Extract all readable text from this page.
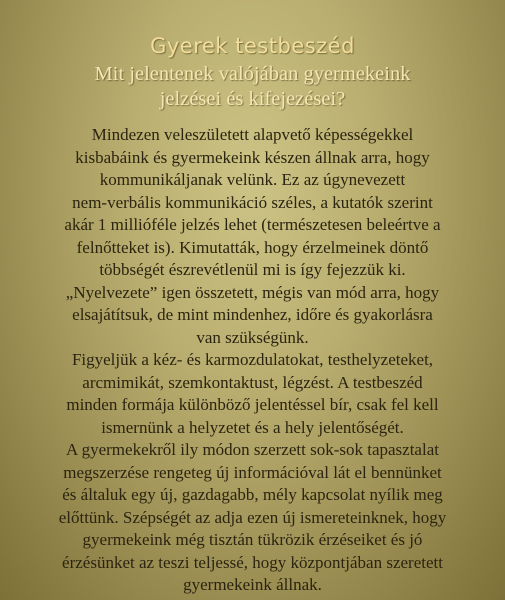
Gyerek testbeszéd
Mit jelentenek valójában gyermekeink
jelzései és kifejezései?

Mindezen veleszületett alapvető képességekkel
kisbabáink és gyermekeink készen állnak arra, hogy
kommunikáljanak velünk. Ez az úgynevezett
nem-verbális kommunikáció széles, a kutatók szerint
akár 1 millióféle jelzés lehet (természetesen beleértve a
felnőtteket is). Kimutatták, hogy érzelmeinek döntő
többségét észrevétlenül mi is így fejezzük ki.
„Nyelvezete” igen összetett, mégis van mód arra, hogy
elsajátítsuk, de mint mindenhez, időre és gyakorlásra
van szükségünk.

Figyeljük a kéz- és karmozdulatokat, testhelyzeteket,
arcmimikát, szemkontaktust, légzést. A testbeszéd
minden formája különböző jelentéssel bír, csak fel kell
ismernünk a helyzetet és a hely jelentőségét.

A gyermekekről ily módon szerzett sok-sok tapasztalat
megszerzése rengeteg új információval lát el bennünket
és általuk egy új, gazdagabb, mély kapcsolat nyílik meg
előttünk. Szépségét az adja ezen új ismereteinknek, hogy
gyermekeink még tisztán tükrözik érzéseiket és jó
érzésünket az teszi teljessé, hogy központjában szeretett
gyermekeink állnak.
